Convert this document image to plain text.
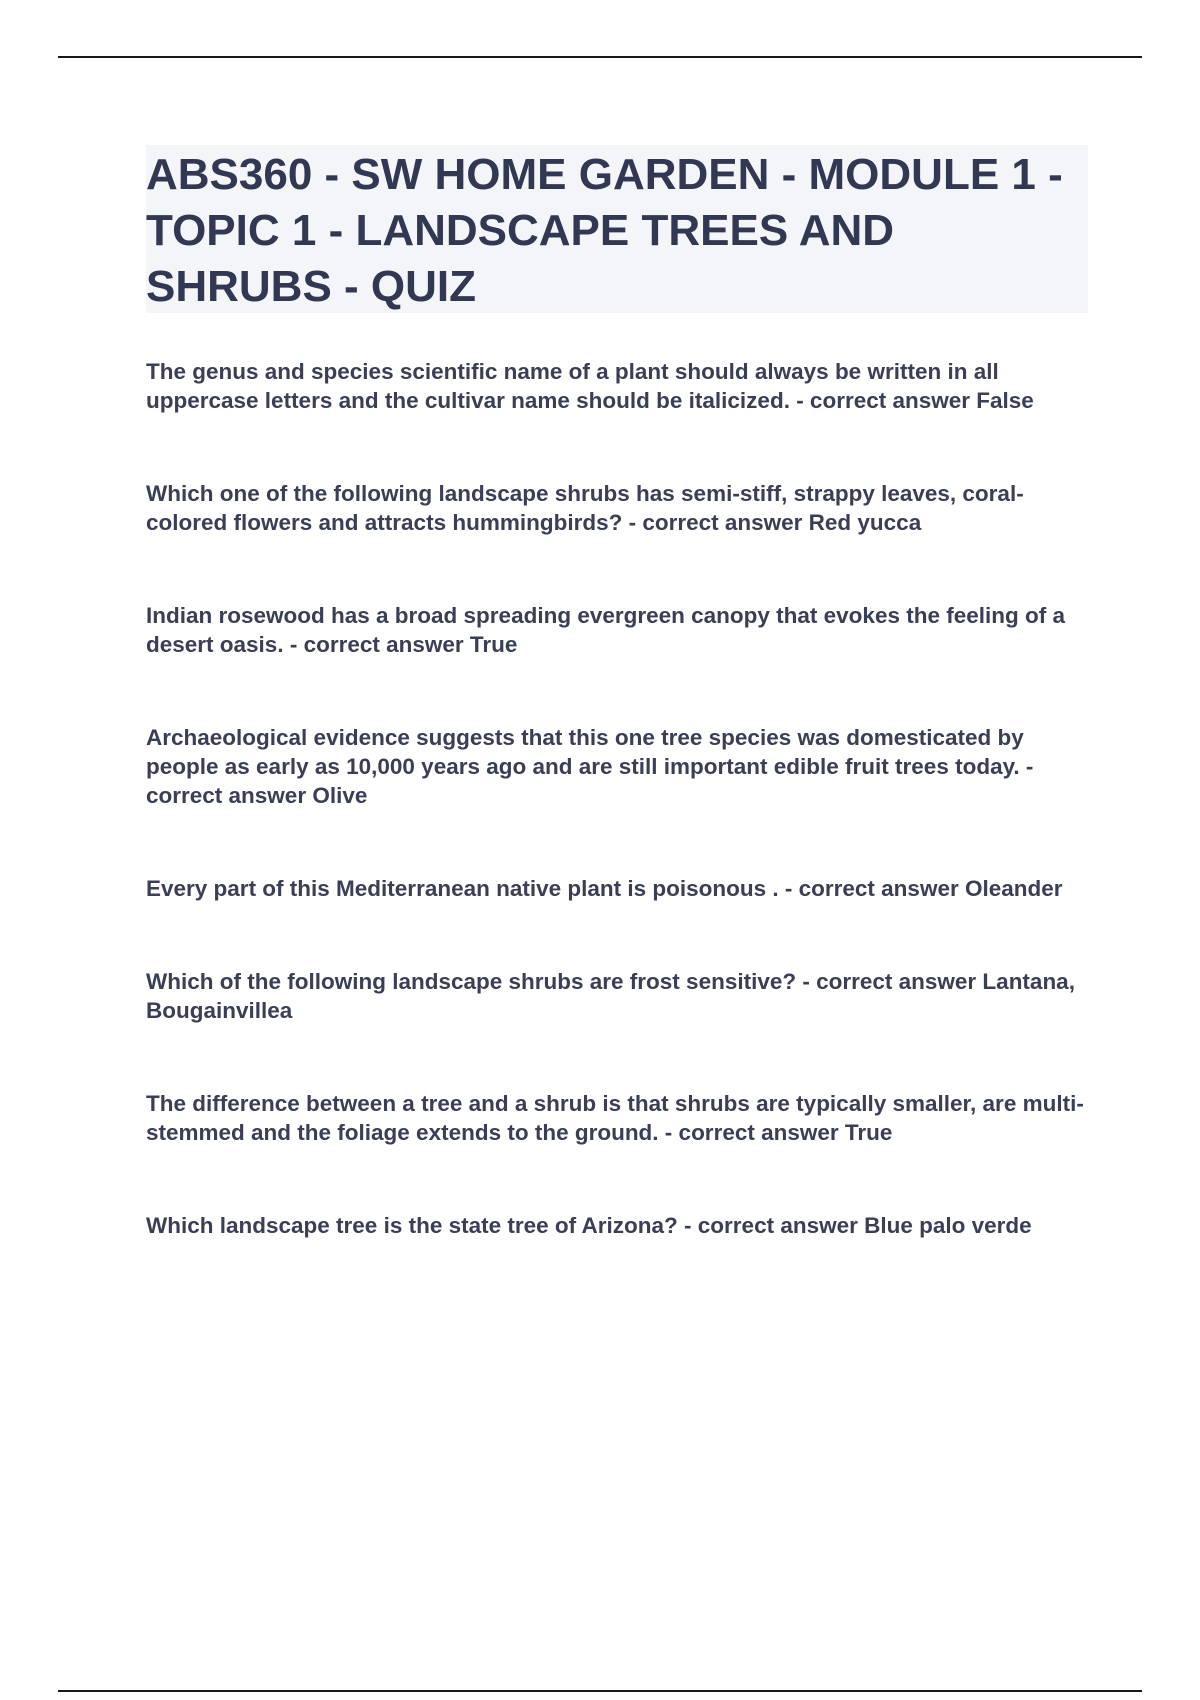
ABS360 - SW HOME GARDEN - MODULE 1 - TOPIC 1 - LANDSCAPE TREES AND SHRUBS - QUIZ

The genus and species scientific name of a plant should always be written in all uppercase letters and the cultivar name should be italicized. - correct answer False

Which one of the following landscape shrubs has semi-stiff, strappy leaves, coral-colored flowers and attracts hummingbirds? - correct answer Red yucca

Indian rosewood has a broad spreading evergreen canopy that evokes the feeling of a desert oasis. - correct answer True

Archaeological evidence suggests that this one tree species was domesticated by people as early as 10,000 years ago and are still important edible fruit trees today. - correct answer Olive

Every part of this Mediterranean native plant is poisonous . - correct answer Oleander

Which of the following landscape shrubs are frost sensitive? - correct answer Lantana, Bougainvillea

The difference between a tree and a shrub is that shrubs are typically smaller, are multi-stemmed and the foliage extends to the ground. - correct answer True

Which landscape tree is the state tree of Arizona? - correct answer Blue palo verde
